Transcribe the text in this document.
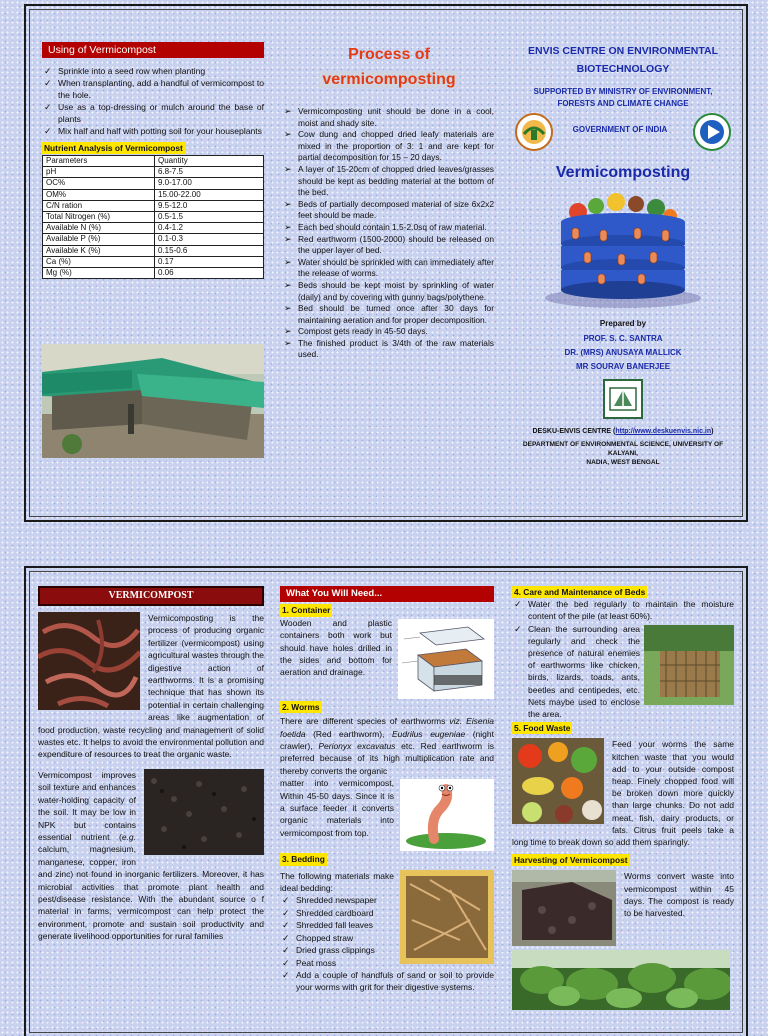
Using of Vermicompost
✓ Sprinkle into a seed row when planting
✓ When transplanting, add a handful of vermicompost to the hole.
✓ Use as a top-dressing or mulch around the base of plants
✓ Mix half and half with potting soil for your houseplants
Nutrient Analysis of Vermicompost
Parameters	Quantity
pH	6.8-7.5
OC%	9.0-17.00
OM%	15.00-22.00
C/N ration	9.5-12.0
Total Nitrogen (%)	0.5-1.5
Available N (%)	0.4-1.2
Available P (%)	0.1-0.3
Available K (%)	0.15-0.6
Ca (%)	0.17
Mg (%)	0.06
Process of
vermicomposting
➢ Vermicomposting unit should be done in a cool, moist and shady site.
➢ Cow dung and chopped dried leafy materials are mixed in the proportion of 3: 1 and are kept for partial decomposition for 15 – 20 days.
➢ A layer of 15-20cm of chopped dried leaves/grasses should be kept as bedding material at the bottom of the bed.
➢ Beds of partially decomposed material of size 6x2x2 feet should be made.
➢ Each bed should contain 1.5-2.0sq of raw material.
➢ Red earthworm (1500-2000) should be released on the upper layer of bed.
➢ Water should be sprinkled with can immediately after the release of worms.
➢ Beds should be kept moist by sprinkling of water (daily) and by covering with gunny bags/polythene.
➢ Bed should be turned once after 30 days for maintaining aeration and for proper decomposition.
➢ Compost gets ready in 45-50 days.
➢ The finished product is 3/4th of the raw materials used.
ENVIS CENTRE ON ENVIRONMENTAL
BIOTECHNOLOGY
SUPPORTED BY MINISTRY OF ENVIRONMENT,
FORESTS AND CLIMATE CHANGE
GOVERNMENT OF INDIA
Vermicomposting
Prepared by
PROF. S. C. SANTRA
DR. (MRS) ANUSAYA MALLICK
MR SOURAV BANERJEE
DESKU-ENVIS CENTRE (http://www.deskuenvis.nic.in)
DEPARTMENT OF ENVIRONMENTAL SCIENCE, UNIVERSITY OF KALYANI,
NADIA, WEST BENGAL
VERMICOMPOST
Vermicomposting is the process of producing organic fertilizer (vermicompost) using agricultural wastes through the digestive action of earthworms. It is a promising technique that has shown its potential in certain challenging areas like augmentation of food production, waste recycling and management of solid wastes etc. It helps to avoid the environmental pollution and expenditure of resources to treat the organic waste.
Vermicompost improves soil texture and enhances water-holding capacity of the soil. It may be low in NPK but contains essential nutrient (e.g. calcium, magnesium, manganese, copper, iron and zinc) not found in inorganic fertilizers. Moreover, it has microbial activities that promote plant health and pest/disease resistance. With the abundant source o f material in farms, vermicompost can help protect the environment, promote and sustain soil productivity and generate livelihood opportunities for rural families
What You Will Need...
1. Container
Wooden and plastic containers both work but should have holes drilled in the sides and bottom for aeration and drainage.
2. Worms
There are different species of earthworms viz. Eisenia foetida (Red earthworm), Eudrilus eugeniae (night crawler), Perionyx excavatus etc. Red earthworm is preferred because of its high multiplication rate and thereby converts the organic
matter into vermicompost, Within 45-50 days. Since it is a surface feeder it converts organic materials into vermicompost from top.
3. Bedding
The following materials make ideal bedding:
✓ Shredded newspaper
✓ Shredded cardboard
✓ Shredded fall leaves
✓ Chopped straw
✓ Dried grass clippings
✓ Peat moss
✓ Add a couple of handfuls of sand or soil to provide your worms with grit for their digestive systems.
4. Care and Maintenance of Beds
✓ Water the bed regularly to maintain the moisture content of the pile (at least 60%).
✓ Clean the surrounding area regularly and check the presence of natural enemies of earthworms like chicken, birds, lizards, toads, ants, beetles and centipedes, etc. Nets maybe used to enclose the area.
5. Food Waste
Feed your worms the same kitchen waste that you would add to your outside compost heap. Finely chopped food will be broken down more quickly than large chunks. Do not add meat, fish, dairy products, or fats. Citrus fruit peels take a long time to break down so add them sparingly.
Harvesting of Vermicompost
Worms convert waste into vermicompost within 45 days. The compost is ready to be harvested.
